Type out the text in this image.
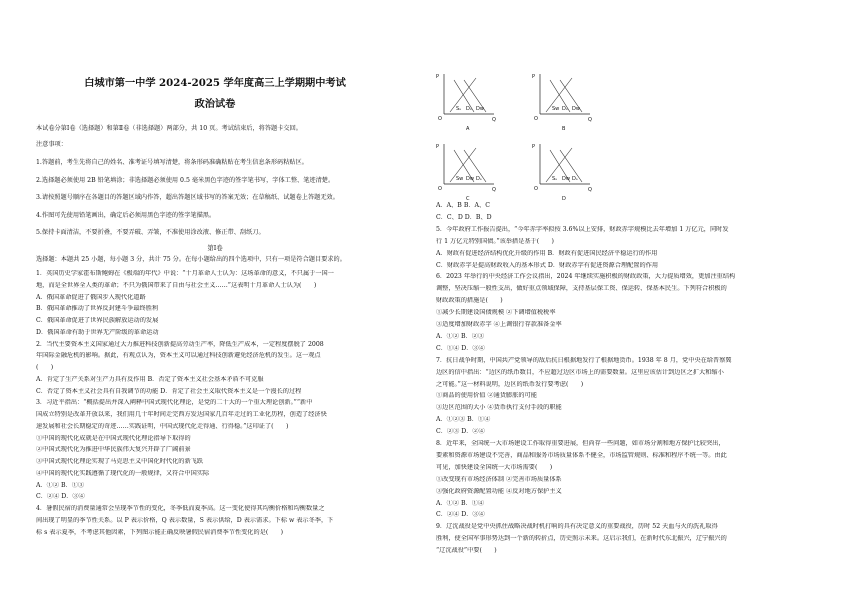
白城市第一中学 2024-2025 学年度高三上学期期中考试
政治试卷
本试卷分第Ⅰ卷（选择题）和第Ⅱ卷（非选择题）两部分，共 10 页。考试结束后，将答题卡交回。
注意事项：
1.答题前，考生先将自己的姓名、准考证号填写清楚，将条形码准确粘贴在考生信息条形码粘贴区。
2.选择题必须使用 2B 铅笔填涂；非选择题必须使用 0.5 毫米黑色字迹的签字笔书写，字体工整、笔迹清楚。
3.请按照题号顺序在各题目的答题区域内作答，超出答题区域书写的答案无效；在草稿纸、试题卷上答题无效。
4.作图可先使用铅笔画出，确定后必须用黑色字迹的签字笔描黑。
5.保持卡面清洁，不要折叠，不要弄破、弄皱，不准使用涂改液、修正带、刮纸刀。
第Ⅰ卷
选择题：本题共 25 小题，每小题 3 分，共计 75 分。在每小题给出的四个选项中，只有一项是符合题目要求的。
1．英国历史学家霍布斯鲍姆在《极端的年代》中说：“十月革命人士认为：这场革命的意义，不只属于一国一
地，而是全世界全人类的革命；不只为俄国带来了自由与社会主义……”这表明十月革命人士认为(　　)
A．俄国革命促进了俄国步入现代化道路
B．俄国革命推动了世界反封建斗争最终胜利
C．俄国革命促进了世界民族解放运动的发展
D．俄国革命有助于世界无产阶级的革命运动
2．当代主要资本主义国家通过大力推进科技创新提高劳动生产率，降低生产成本，一定程度摆脱了 2008
年国际金融危机的影响。据此，有观点认为，资本主义可以通过科技创新避免经济危机的发生。这一观点
(　　)
A．肯定了生产关系对生产力具有反作用 B．否定了资本主义社会基本矛盾不可克服
C．否定了资本主义社会具有自我调节的功能 D．肯定了社会主义取代资本主义是一个漫长的过程
3．习近平指出：“概括提出并深入阐释中国式现代化理论，是党的二十大的一个重大理论创新。”“新中
国成立特别是改革开放以来，我们用几十年时间走完西方发达国家几百年走过的工业化历程，创造了经济快
速发展和社会长期稳定的奇迹……实践证明，中国式现代化走得通、行得稳。”这印证了(　　)
①中国的现代化成就是在中国式现代化理论指导下取得的
②中国式现代化为推进中华民族伟大复兴开辟了广阔前景
③中国式现代化理论实现了马克思主义中国化时代化的新飞跃
④中国的现代化实践遵循了现代化的一般规律，又符合中国实际
A．①② B．①③
C．②④ D．③④
4．暑假民宿的消费量通常会呈现季节性的变化，冬季低而夏季高。这一变化使得其均衡价格和均衡数量之
间出现了明显的季节性关系。以 P 表示价格，Q 表示数量，S 表示供给，D 表示需求。下标 w 表示冬季，下
标 s 表示夏季，不考虑其他因素，下列图示能正确反映暑假民宿消费季节性变化的是(　　)
P
Q
O
Sₛ Dₛ Dw
A
P
Q
O
Sw Dₛ Dw
B
P
Q
O
Sw Dw Dₛ
C
P
Q
O
Sₛ Dw Dₛ
D
A．A、B B．A、C
C．C、D D．B、D
5．今年政府工作报告提出，“今年赤字率拟按 3.6%以上安排，财政赤字规模比去年增加 1 万亿元，同时发
行 1 万亿元特别国债。”该举措是基于(　　)
A．财政有促进经济结构优化升级的作用 B．财政有促进国民经济平稳运行的作用
C．财政赤字是提高财政收入的基本形式 D．财政赤字有促进资源合理配置的作用
6．2023 年举行的中央经济工作会议指出，2024 年继续实施积极的财政政策，大力提质增效，更加注重结构
调整，坚决压缩一般性支出，做好重点领域保障，支持基层保工资、保运转、保基本民生。下列符合积极的
财政政策的措施是(　　)
①减少长期建设国债规模 ②下调增值税税率
③适度增加财政赤字 ④上调银行存款准备金率
A．①② B．②③
C．①④ D．③④
7．抗日战争时期，中国共产党领导的敌后抗日根据地发行了根据地货币。1938 年 8 月，党中央在给晋察冀
边区的信中指出：“边区的纸币数目，不应超过边区市场上的需要数量。这里应该估计到边区之扩大和缩小
之可能。”这一材料说明，边区的纸币发行要考虑(　　)
①商品的使用价值 ②通货膨胀的可能
③边区范围的大小 ④货币执行支付手段的职能
A．①②③ B．①④
C．②③ D．②④
8．近年来，全国统一大市场建设工作取得重要进展，但尚存一些问题，如市场分割和地方保护比较突出，
要素和资源市场建设不完善，商品和服务市场质量体系不健全，市场监管规则、标准和程序不统一等。由此
可见，加快建设全国统一大市场需要(　　)
①改变现有市场经济体制 ②完善市场质量体系
③强化政府资源配置功能 ④反对地方保护主义
A．①② B．①④
C．②④ D．③④
9．辽沈战役是党中央抓住战略决战时机打响的具有决定意义的重要战役，历时 52 天血与火的洗礼取得
胜利，使全国军事形势达到一个新的转折点，历史照示未来。这启示我们，在新时代东北振兴，辽宁振兴的
“辽沈战役”中要(　　)
